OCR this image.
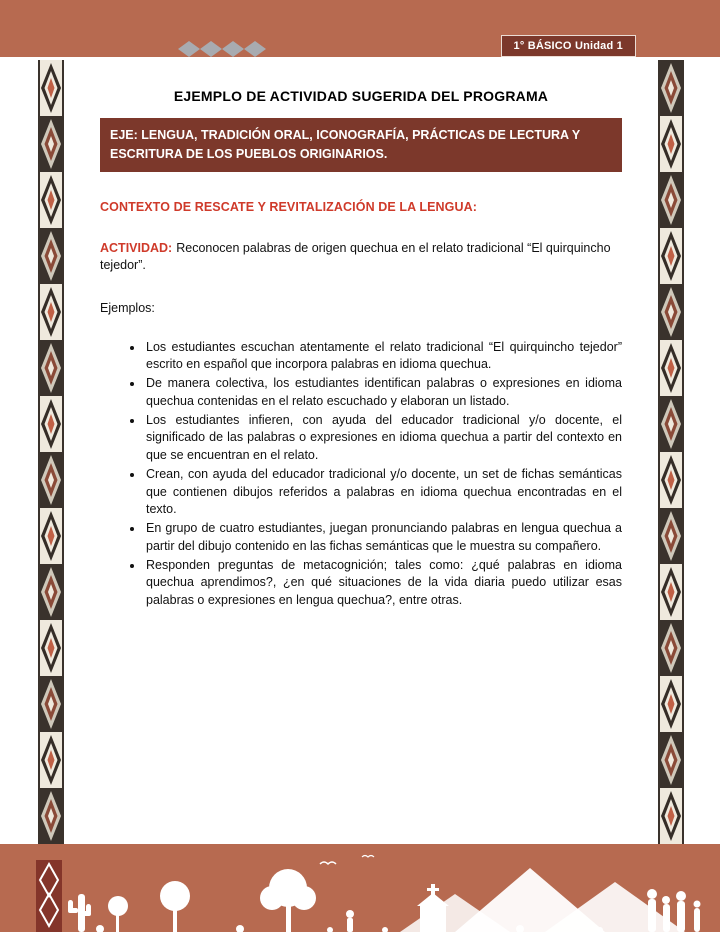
1° BÁSICO Unidad 1
EJEMPLO DE ACTIVIDAD SUGERIDA DEL PROGRAMA
EJE: LENGUA, TRADICIÓN ORAL, ICONOGRAFÍA, PRÁCTICAS DE LECTURA Y ESCRITURA DE LOS PUEBLOS ORIGINARIOS.
CONTEXTO DE RESCATE Y REVITALIZACIÓN DE LA LENGUA:

ACTIVIDAD: Reconocen palabras de origen quechua en el relato tradicional “El quirquincho tejedor”.

Ejemplos:
• Los estudiantes escuchan atentamente el relato tradicional “El quirquincho tejedor” escrito en español que incorpora palabras en idioma quechua.
• De manera colectiva, los estudiantes identifican palabras o expresiones en idioma quechua contenidas en el relato escuchado y elaboran un listado.
• Los estudiantes infieren, con ayuda del educador tradicional y/o docente, el significado de las palabras o expresiones en idioma quechua a partir del contexto en que se encuentran en el relato.
• Crean, con ayuda del educador tradicional y/o docente, un set de fichas semánticas que contienen dibujos referidos a palabras en idioma quechua encontradas en el texto.
• En grupo de cuatro estudiantes, juegan pronunciando palabras en lengua quechua a partir del dibujo contenido en las fichas semánticas que le muestra su compañero.
• Responden preguntas de metacognición; tales como: ¿qué palabras en idioma quechua aprendimos?, ¿en qué situaciones de la vida diaria puedo utilizar esas palabras o expresiones en lengua quechua?, entre otras.
